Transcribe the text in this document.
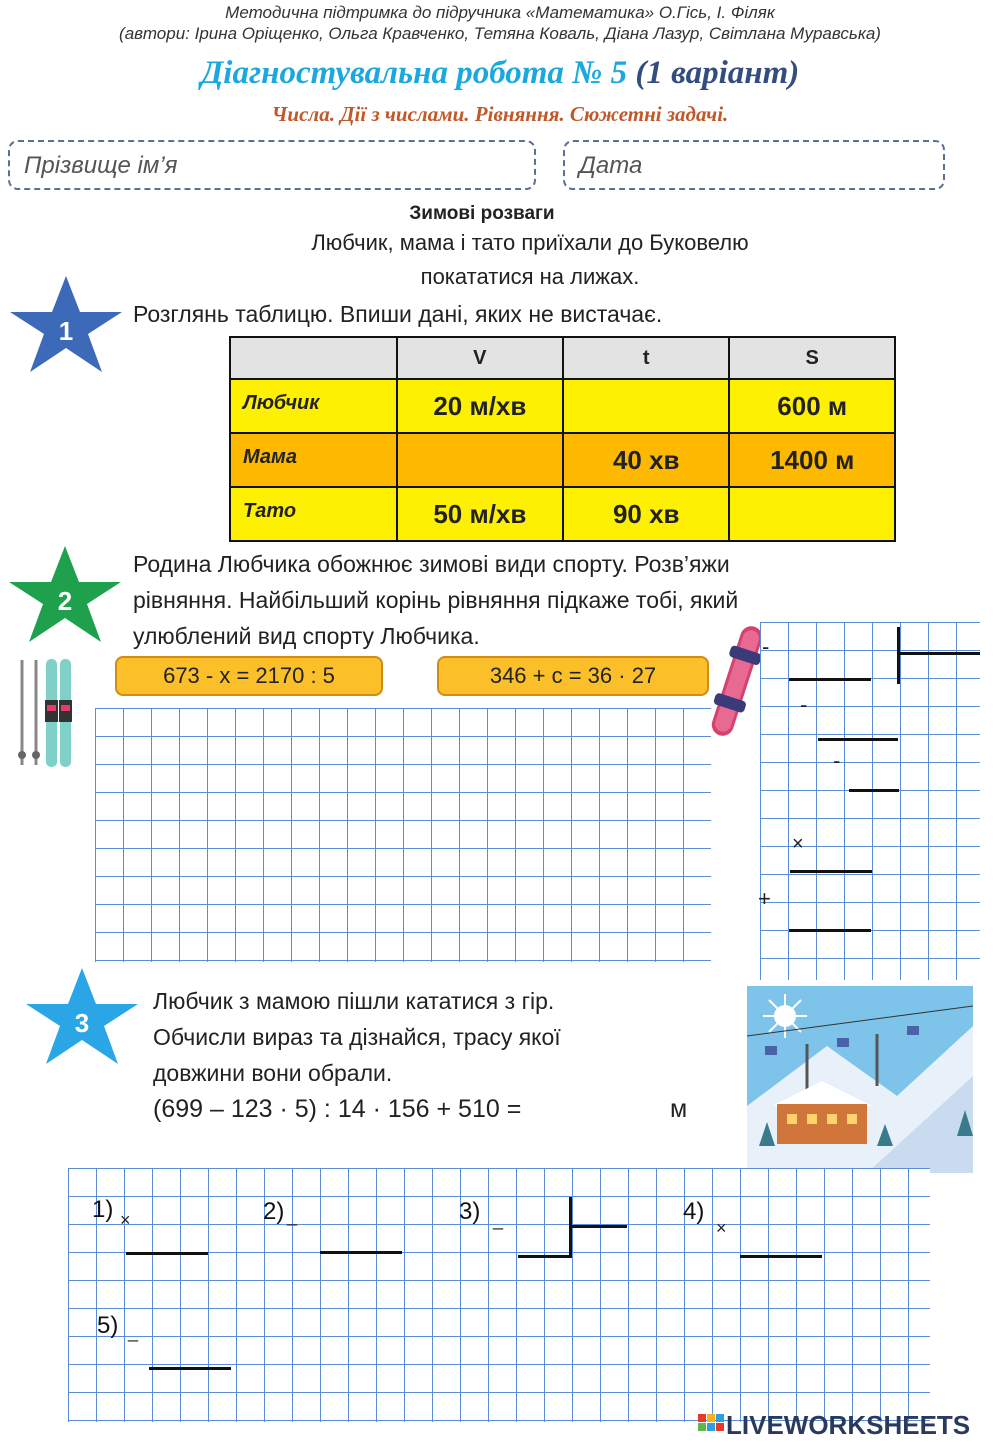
Методична підтримка до підручника «Математика» О.Гісь, І. Філяк
(автори: Ірина Оріщенко, Ольга Кравченко, Тетяна Коваль, Діана Лазур, Світлана Муравська)
Діагностувальна робота № 5 (1 варіант)
Числа. Дії з числами. Рівняння. Сюжетні задачі.
Прізвище ім’я	Дата
Зимові розваги
Любчик, мама і тато приїхали до Буковелю
покататися на лижах.
1
Розглянь таблицю. Впиши дані, яких не вистачає.
	V	t	S
Любчик	20 м/хв		600 м
Мама		40 хв	1400 м
Тато	50 м/хв	90 хв	
2
Родина Любчика обожнює зимові види спорту. Розв’яжи
рівняння. Найбільший корінь рівняння підкаже тобі, який
улюблений вид спорту Любчика.
673 - x = 2170 : 5	346 + c = 36 · 27
-
-
-
×
+
3
Любчик з мамою пішли кататися з гір.
Обчисли вираз та дізнайся, трасу якої
довжини вони обрали.
(699 – 123 · 5) : 14 · 156 + 510 =	м
1) ×	2) _	3) _	4)
×
5) _
LIVEWORKSHEETS
